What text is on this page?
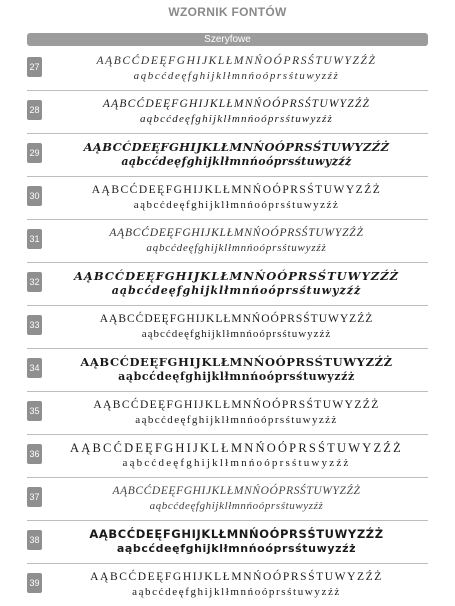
WZORNIK FONTÓW
Szeryfowe
27	AĄBCĆDEĘFGHIJKLŁMNŃOÓPRSŚTUWYZŹŻ
aąbcćdeęfghijklłmnńoóprsśtuwyzźż
28	AĄBCĆDEĘFGHIJKLŁMNŃOÓPRSŚTUWYZŹŻ
aąbcćdeęfghijklłmnńoóprsśtuwyzźż
29	AĄBCĆDEĘFGHIJKLŁMNŃOÓPRSŚTUWYZŹŻ
aąbcćdeęfghijklłmnńoóprsśtuwyzźż
30	AĄBCĆDEĘFGHIJKLŁMNŃOÓPRSŚTUWYZŹŻ
aąbcćdeęfghijklłmnńoóprsśtuwyzźż
31	AĄBCĆDEĘFGHIJKLŁMNŃOÓPRSŚTUWYZŹŻ
aąbcćdeęfghijklłmnńoóprsśtuwyzźż
32	AĄBCĆDEĘFGHIJKLŁMNŃOÓPRSŚTUWYZŹŻ
aąbcćdeęfghijklłmnńoóprsśtuwyzźż
33	AĄBCĆDEĘFGHIJKLŁMNŃOÓPRSŚTUWYZŹŻ
aąbcćdeęfghijklłmnńoóprsśtuwyzźż
34	AĄBCĆDEĘFGHIJKLŁMNŃOÓPRSŚTUWYZŹŻ
aąbcćdeęfghijklłmnńoóprsśtuwyzźż
35	AĄBCĆDEĘFGHIJKLŁMNŃOÓPRSŚTUWYZŹŻ
aąbcćdeęfghijklłmnńoóprsśtuwyzźż
36	AĄBCĆDEĘFGHIJKLŁMNŃOÓPRSŚTUWYZŹŻ
aąbcćdeęfghijklłmnńoóprsśtuwyzźż
37	AĄBCĆDEĘFGHIJKLŁMNŃOÓPRSŚTUWYZŹŻ
aąbcćdeęfghijklłmnńoóprsśtuwyzźż
38	AĄBCĆDEĘFGHIJKLŁMNŃOÓPRSŚTUWYZŹŻ
aąbcćdeęfghijklłmnńoóprsśtuwyzźż
39	AĄBCĆDEĘFGHIJKLŁMNŃOÓPRSŚTUWYZŹŻ
aąbcćdeęfghijklłmnńoóprsśtuwyzźż
